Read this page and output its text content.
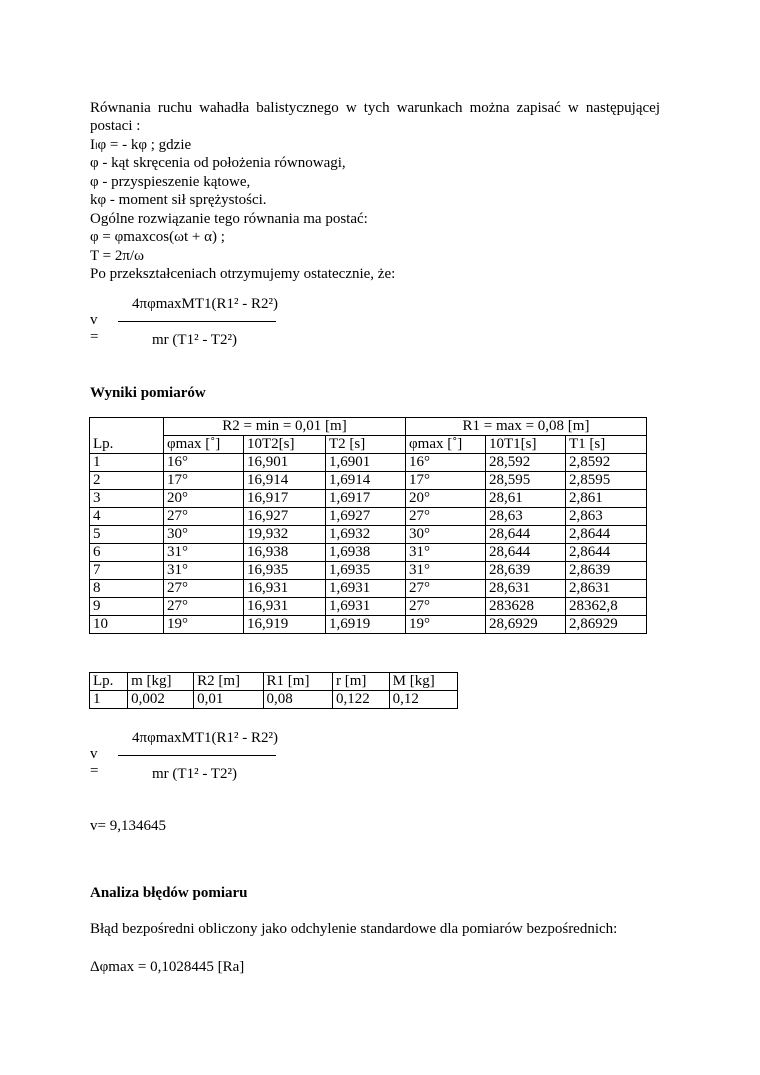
Równania ruchu wahadła balistycznego w tych warunkach można zapisać w następującej
postaci :
Iₗφ = - kφ ; gdzie
φ - kąt skręcenia od położenia równowagi,
φ - przyspieszenie kątowe,
kφ - moment sił sprężystości.
Ogólne rozwiązanie tego równania ma postać:
φ = φmaxcos(ωt + α) ;
T = 2π/ω
Po przekształceniach otrzymujemy ostatecznie, że:
v =
4πφmaxMT1(R1² - R2²)
mr (T1² - T2²)
Wyniki pomiarów
	R2 = min = 0,01 [m]			R1 = max = 0,08 [m]		
Lp.	φmax [˚]	10T2[s]	T2 [s]	φmax [˚]	10T1[s]	T1 [s]
1	16°	16,901	1,6901	16°	28,592	2,8592
2	17°	16,914	1,6914	17°	28,595	2,8595
3	20°	16,917	1,6917	20°	28,61	2,861
4	27°	16,927	1,6927	27°	28,63	2,863
5	30°	19,932	1,6932	30°	28,644	2,8644
6	31°	16,938	1,6938	31°	28,644	2,8644
7	31°	16,935	1,6935	31°	28,639	2,8639
8	27°	16,931	1,6931	27°	28,631	2,8631
9	27°	16,931	1,6931	27°	283628	28362,8
10	19°	16,919	1,6919	19°	28,6929	2,86929
Lp.	m [kg]	R2 [m]	R1 [m]	r [m]	M [kg]
1	0,002	0,01	0,08	0,122	0,12
v =
4πφmaxMT1(R1² - R2²)
mr (T1² - T2²)
v= 9,134645
Analiza błędów pomiaru
Błąd bezpośredni obliczony jako odchylenie standardowe dla pomiarów bezpośrednich:
Δφmax = 0,1028445 [Ra]
